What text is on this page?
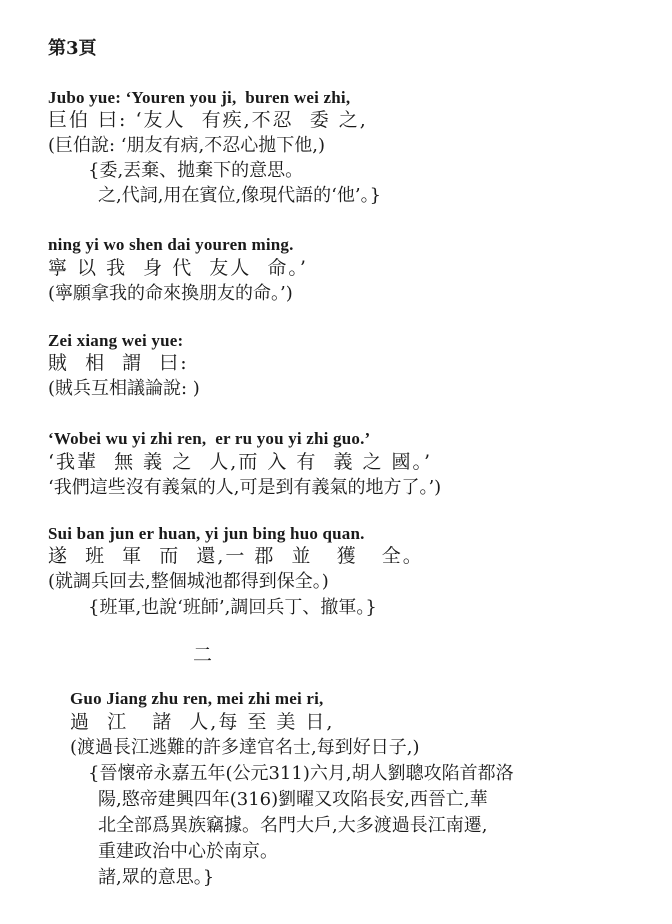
第3頁
Jubo yue: ‘Youren you ji,  buren wei zhi,
巨伯 曰: ‘友人  有疾,不忍  委 之,
(巨伯說: ‘朋友有病,不忍心拋下他,)
{委,丟棄、拋棄下的意思。
之,代詞,用在賓位,像現代語的‘他’。}
ning yi wo shen dai youren ming.
寧 以 我  身 代  友人  命。’
(寧願拿我的命來換朋友的命。’)
Zei xiang wei yue:
賊  相  謂  曰:
(賊兵互相議論說: )
‘Wobei wu yi zhi ren,  er ru you yi zhi guo.’
‘我輩  無 義 之  人,而 入 有  義 之 國。’
‘我們這些沒有義氣的人,可是到有義氣的地方了。’)
Sui ban jun er huan, yi jun bing huo quan.
遂  班  軍  而  還,一 郡  並   獲   全。
(就調兵回去,整個城池都得到保全。)
{班軍,也說‘班師’,調回兵丁、撤軍。}
二
Guo Jiang zhu ren, mei zhi mei ri,
過  江   諸  人,每 至 美 日,
(渡過長江逃難的許多達官名士,每到好日子,)
{晉懷帝永嘉五年(公元311)六月,胡人劉聰攻陷首都洛
陽,愍帝建興四年(316)劉曜又攻陷長安,西晉亡,華
北全部爲異族竊據。名門大戶,大多渡過長江南遷,
重建政治中心於南京。
諸,眾的意思。}
